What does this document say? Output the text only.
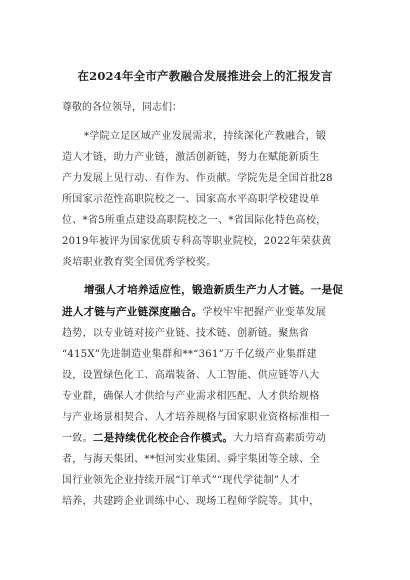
在2024年全市产教融合发展推进会上的汇报发言
尊敬的各位领导，同志们：
*学院立足区域产业发展需求，持续深化产教融合，锻
造人才链，助力产业链，激活创新链，努力在赋能新质生
产力发展上见行动、有作为、作贡献。学院先是全国首批28
所国家示范性高职院校之一、国家高水平高职学校建设单
位、*省5所重点建设高职院校之一、*省国际化特色高校，
2019年被评为国家优质专科高等职业院校，2022年荣获黄
炎培职业教育奖全国优秀学校奖。
增强人才培养适应性，锻造新质生产力人才链。一是促
进人才链与产业链深度融合。学校牢牢把握产业变革发展
趋势，以专业链对接产业链、技术链、创新链。聚焦省
“415X”先进制造业集群和**“361”万千亿级产业集群建
设，设置绿色化工、高端装备、人工智能、供应链等八大
专业群，确保人才供给与产业需求相匹配、人才供给规格
与产业场景相契合、人才培养规格与国家职业资格标准相一
一致。二是持续优化校企合作模式。大力培育高素质劳动
者，与海天集团、**恒河实业集团、舜宇集团等全球、全
国行业领先企业持续开展“订单式”“现代学徒制”人才
培养，共建跨企业训练中心、现场工程师学院等。其中，
